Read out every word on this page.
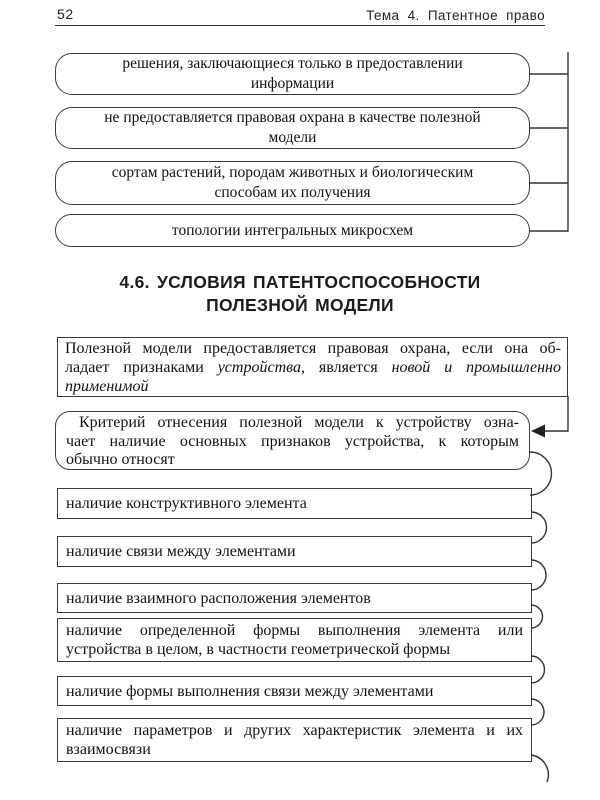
52	Тема 4. Патентное право
решения, заключающиеся только в предоставлении
информации
не предоставляется правовая охрана в качестве полезной
модели
сортам растений, породам животных и биологическим
способам их получения
топологии интегральных микросхем
4.6. УСЛОВИЯ ПАТЕНТОСПОСОБНОСТИ
ПОЛЕЗНОЙ МОДЕЛИ
Полезной модели предоставляется правовая охрана, если она об-
ладает признаками устройства, является новой и промышленно
применимой
Критерий отнесения полезной модели к устройству озна-
чает наличие основных признаков устройства, к которым
обычно относят
наличие конструктивного элемента
наличие связи между элементами
наличие взаимного расположения элементов
наличие определенной формы выполнения элемента или
устройства в целом, в частности геометрической формы
наличие формы выполнения связи между элементами
наличие параметров и других характеристик элемента и их
взаимосвязи
